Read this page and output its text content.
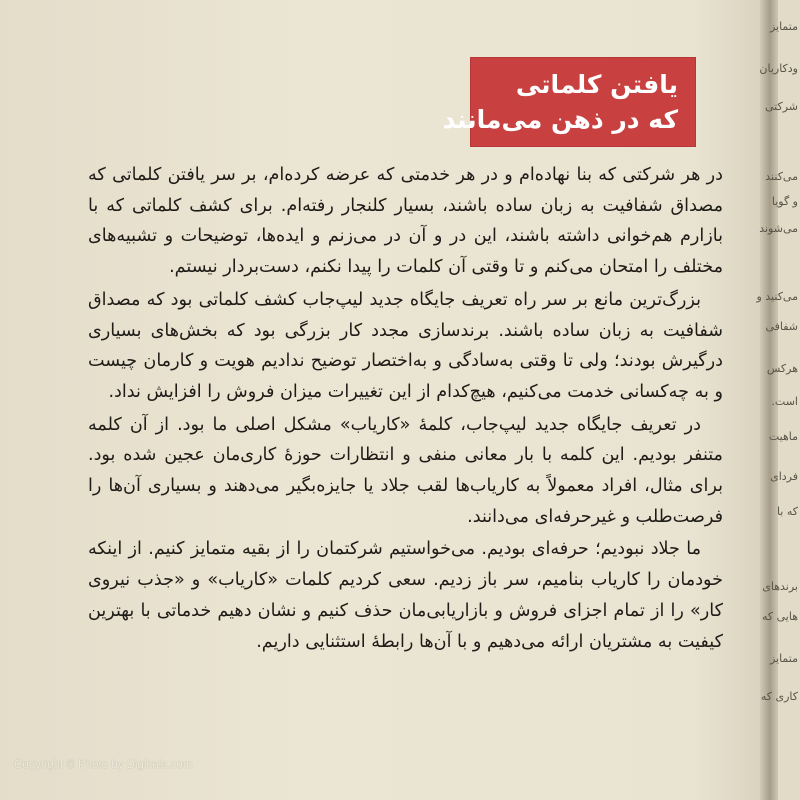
متمایز
ودکاریان
شرکتی
می‌کنند
و گویا
می‌شوند
می‌کنید و
شفافی
هرکس
است.
ماهیت
فردای
که با
برندهای
هایی که
متمایز
کاری که
یافتن کلماتی
که در ذهن می‌مانند

در هر شرکتی که بنا نهاده‌ام و در هر خدمتی که عرضه کرده‌ام، بر سر یافتن کلماتی که مصداق شفافیت به زبان ساده باشند، بسیار کلنجار رفته‌ام. برای کشف کلماتی که با بازارم هم‌خوانی داشته باشند، این در و آن در می‌زنم و ایده‌ها، توضیحات و تشبیه‌های مختلف را امتحان می‌کنم و تا وقتی آن کلمات را پیدا نکنم، دست‌بردار نیستم.

بزرگ‌ترین مانع بر سر راه تعریف جایگاه جدید لیپ‌جاب کشف کلماتی بود که مصداق شفافیت به زبان ساده باشند. برندسازی مجدد کار بزرگی بود که بخش‌های بسیاری درگیرش بودند؛ ولی تا وقتی به‌سادگی و به‌اختصار توضیح ندادیم هویت و کارمان چیست و به چه‌کسانی خدمت می‌کنیم، هیچ‌کدام از این تغییرات میزان فروش را افزایش نداد.

در تعریف جایگاه جدید لیپ‌جاب، کلمهٔ «کاریاب» مشکل اصلی ما بود. از آن کلمه متنفر بودیم. این کلمه با بار معانی منفی و انتظارات حوزهٔ کاری‌مان عجین شده بود. برای مثال، افراد معمولاً به کاریاب‌ها لقب جلاد یا جایزه‌بگیر می‌دهند و بسیاری آن‌ها را فرصت‌طلب و غیرحرفه‌ای می‌دانند.

ما جلاد نبودیم؛ حرفه‌ای بودیم. می‌خواستیم شرکتمان را از بقیه متمایز کنیم. از اینکه خودمان را کاریاب بنامیم، سر باز زدیم. سعی کردیم کلمات «کاریاب» و «جذب نیروی کار» را از تمام اجزای فروش و بازاریابی‌مان حذف کنیم و نشان دهیم خدماتی با بهترین کیفیت به مشتریان ارائه می‌دهیم و با آن‌ها رابطهٔ استثنایی داریم.

Copyright © Photo by Digikala.com
